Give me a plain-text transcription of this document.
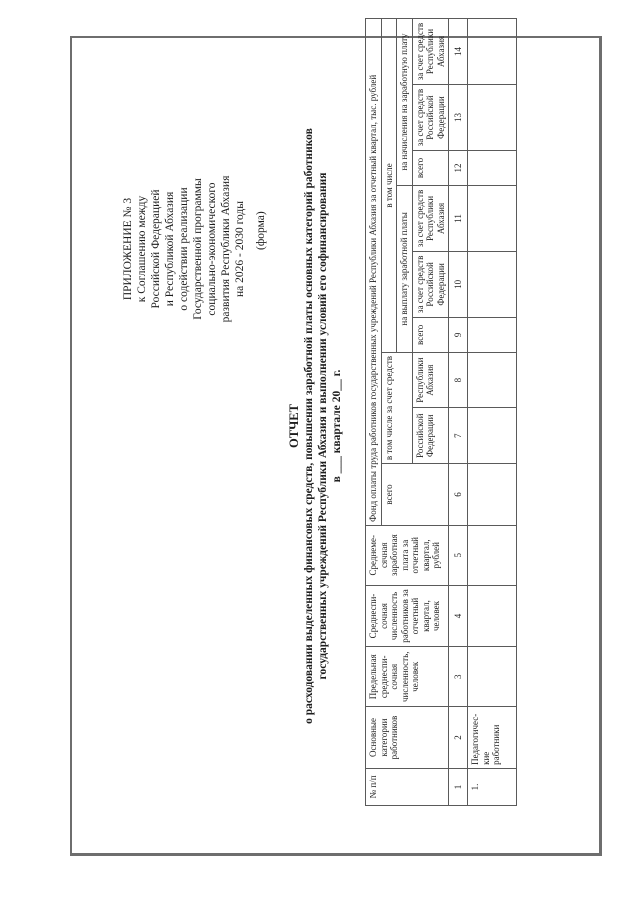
ПРИЛОЖЕНИЕ № 3 к Соглашению между Российской Федерацией и Республикой Абхазия о содействии реализации Государственной программы социально-экономического развития Республики Абхазия на 2026 - 2030 годы (форма)
ОТЧЕТ о расходовании выделенных финансовых средств, повышении заработной платы основных категорий работников государственных учреждений Республики Абхазия и выполнении условий его софинансирования в ___ квартале 20__ г.
№ п/п	Основные категории работников	Предельная среднеспи-сочная численность, человек	Среднеспи-сочная численность работников за отчетный квартал, человек	Среднеме-сячная заработная плата за отчетный квартал, рублей	Фонд оплаты труда работников государственных учреждений Республики Абхазия за отчетный квартал, тыс. рублей								
					всего	в том числе за счет средств		в том числе					
								на выплату заработной платы			на начисления на заработную плату		
						Российской Федерации	Республики Абхазия	всего	за счет средств Российской Федерации	за счет средств Республики Абхазия	всего	за счет средств Российской Федерации	за счет средств Республики Абхазия
1	2	3	4	5	6	7	8	9	10	11	12	13	14
1.	Педагогичес-кие работники												
